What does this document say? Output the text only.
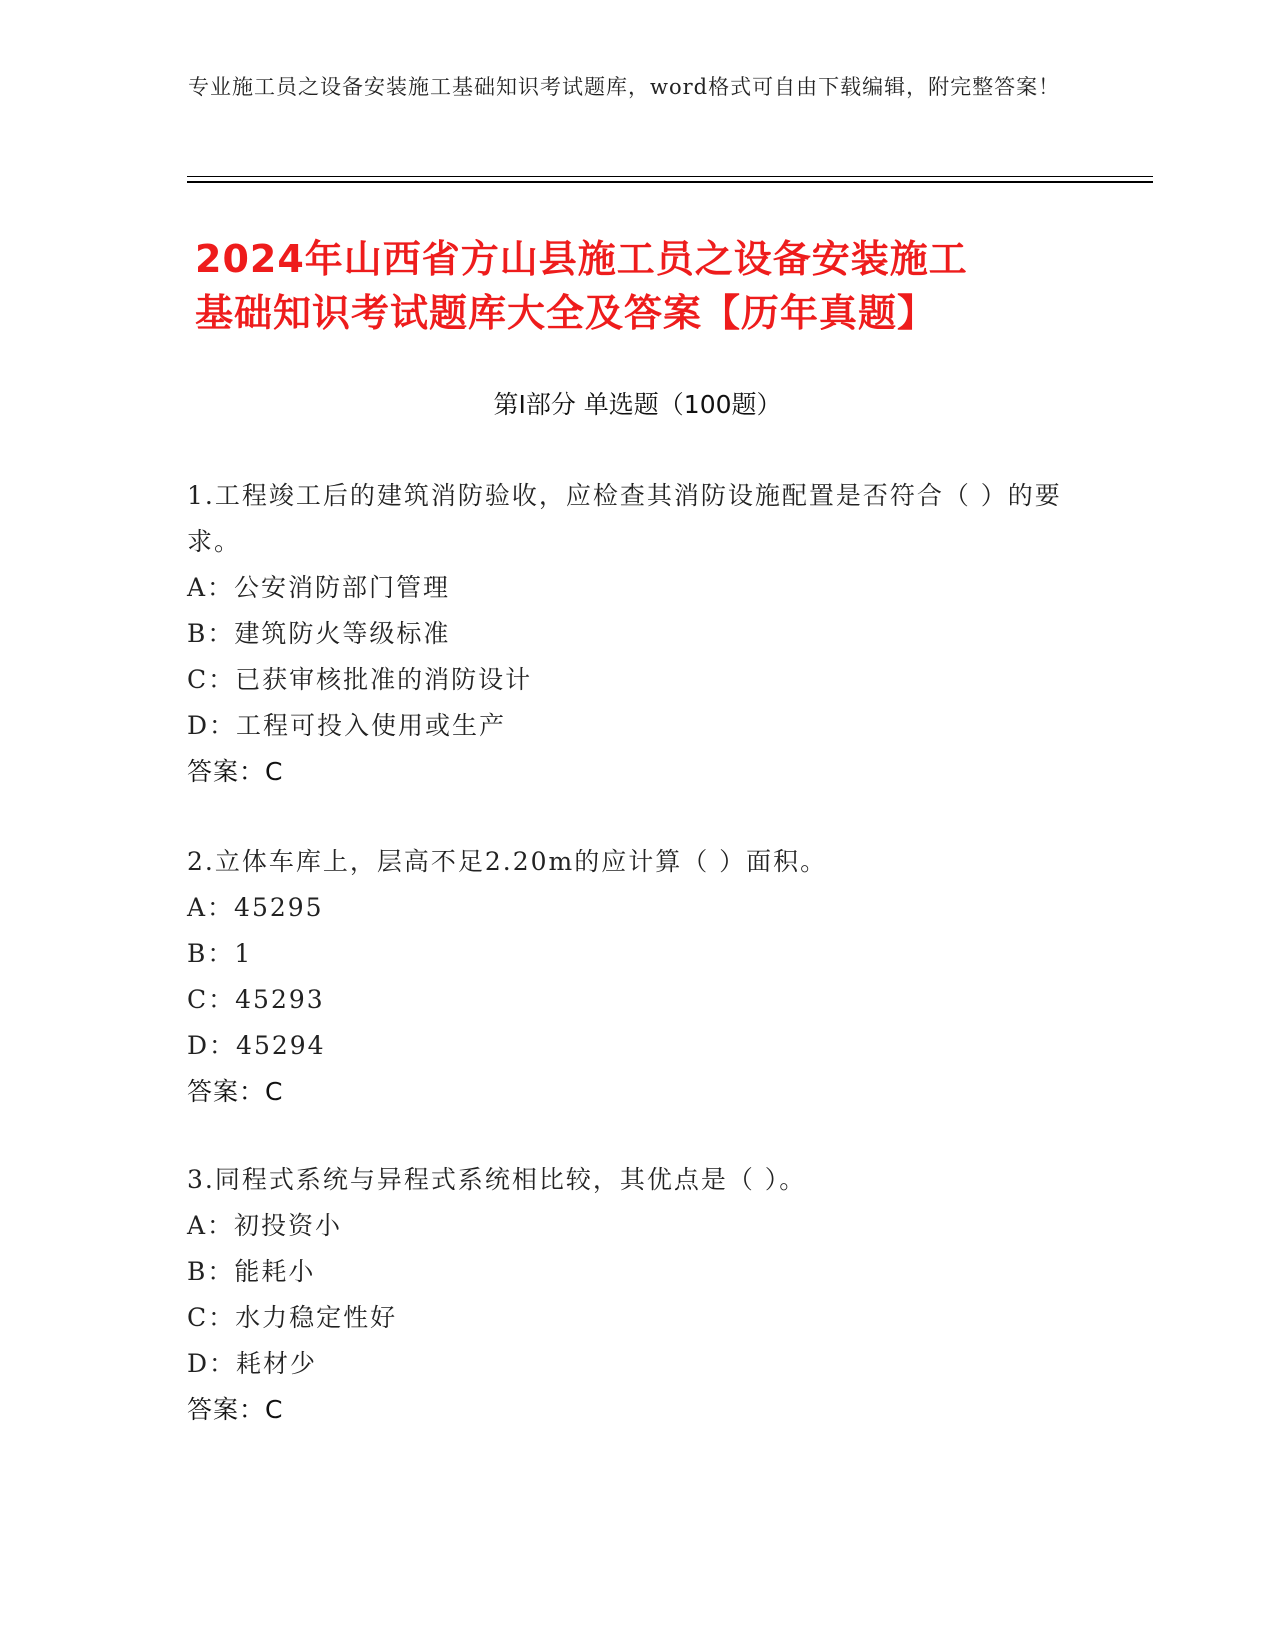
专业施工员之设备安装施工基础知识考试题库，word格式可自由下载编辑，附完整答案！
2024年山西省方山县施工员之设备安装施工
基础知识考试题库大全及答案【历年真题】
第Ⅰ部分 单选题（100题）
1.工程竣工后的建筑消防验收，应检查其消防设施配置是否符合（ ）的要求。
A：公安消防部门管理
B：建筑防火等级标准
C：已获审核批准的消防设计
D：工程可投入使用或生产
答案：C
2.立体车库上，层高不足2.20m的应计算（ ）面积。
A：45295
B：1
C：45293
D：45294
答案：C
3.同程式系统与异程式系统相比较，其优点是（ ）。
A：初投资小
B：能耗小
C：水力稳定性好
D：耗材少
答案：C
